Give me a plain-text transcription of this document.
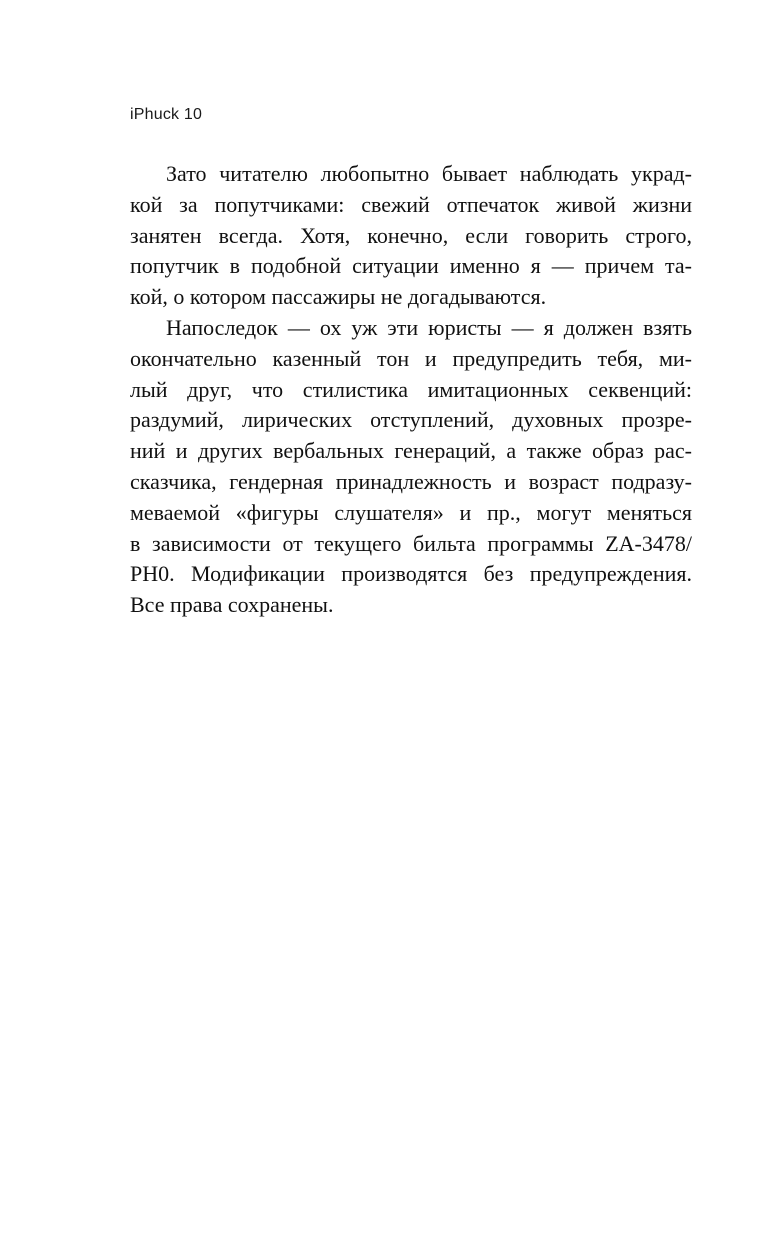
iPhuck 10
Зато читателю любопытно бывает наблюдать украд-
кой за попутчиками: свежий отпечаток живой жизни
занятен всегда. Хотя, конечно, если говорить строго,
попутчик в подобной ситуации именно я — причем та-
кой, о котором пассажиры не догадываются.
Напоследок — ох уж эти юристы — я должен взять
окончательно казенный тон и предупредить тебя, ми-
лый друг, что стилистика имитационных секвенций:
раздумий, лирических отступлений, духовных прозре-
ний и других вербальных генераций, а также образ рас-
сказчика, гендерная принадлежность и возраст подразу-
меваемой «фигуры слушателя» и пр., могут меняться
в зависимости от текущего бильта программы ZA-3478/
PH0. Модификации производятся без предупреждения.
Все права сохранены.
